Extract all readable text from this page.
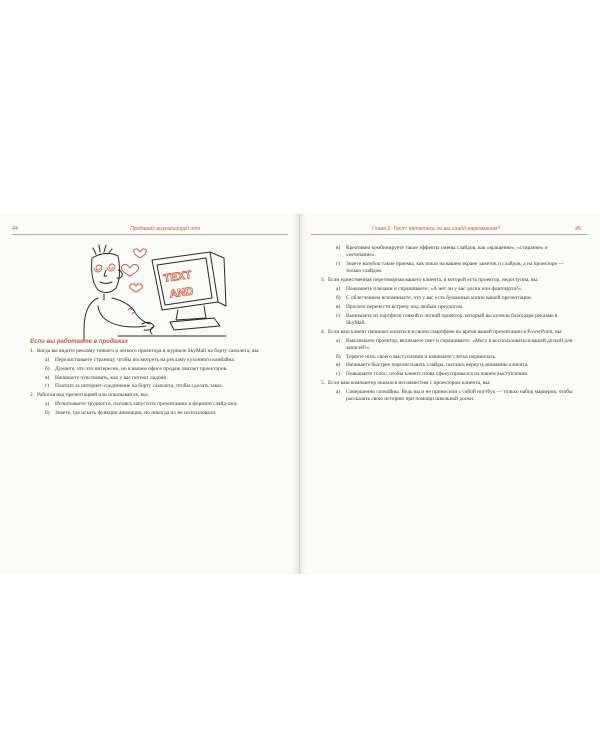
44	Продавай: визуализируй это	Глава 2. Тест: являетесь ли вы слайд-наркоманом?	45
TEXT
AND
Если вы работаете в продажах
1. Когда вы видите рекламу тонкого и легкого проектора в журнале SkyMall на борту самолета, вы:
а)	Перелистываете страницу, чтобы посмотреть на рекламу кухонного комбайна.
б)	Думаете, что это интересно, но в вашем офисе продаж хватает проекторов.
в)	Начинаете чувствовать, как у вас потеют ладони.
г)	Платите за интернет-соединение на борту самолета, чтобы сделать заказ.
2. Работая над презентацией или показывая ее, вы:
а)	Испытываете трудности, пытаясь запустить презентацию в формате слайд-шоу.
б)	Знаете, где искать функции анимации, но никогда их не использовали.
в)	Креативно комбинируете такие эффекты смены слайдов, как «вращение», «стирание» и «исчезание».
г)	Знаете назубок такие приемы, как показ на вашем экране заметок и слайдов, а на проекторе — только слайдов.
3. Если единственная переговорная вашего клиента, в которой есть проектор, недоступна, вы:
а)	Пожимаете плечами и спрашиваете: «А нет ли у вас доски или флипчарта?».
б)	С облегчением вспоминаете, что у вас есть бумажные копии вашей презентации.
в)	Просите перенести встречу под любым предлогом.
г)	Вынимаете из портфеля тонкий и легкий проектор, который вы купили благодаря рекламе в SkyMall.
4. Если ваш клиент начинает копаться в своем смартфоне во время вашей презентации в PowerPoint, вы:
а)	Выключаете проектор, включаете свет и спрашиваете: «Могу я воспользоваться вашей доской для записей?».
б)	Теряете нить своего выступления и начинаете слегка нервничать.
в)	Начинаете быстрее перелистывать слайды, пытаясь вернуть внимание клиента.
г)	Повышаете голос, чтобы клиент снова сфокусировался на вашем выступлении.
5. Если ваш компьютер оказался несовместим с проектором клиента, вы:
а)	Совершенно спокойны. Ведь вы и не приносили с собой ноутбук — только набор маркеров, чтобы рассказать свою историю при помощи школьной доски.
